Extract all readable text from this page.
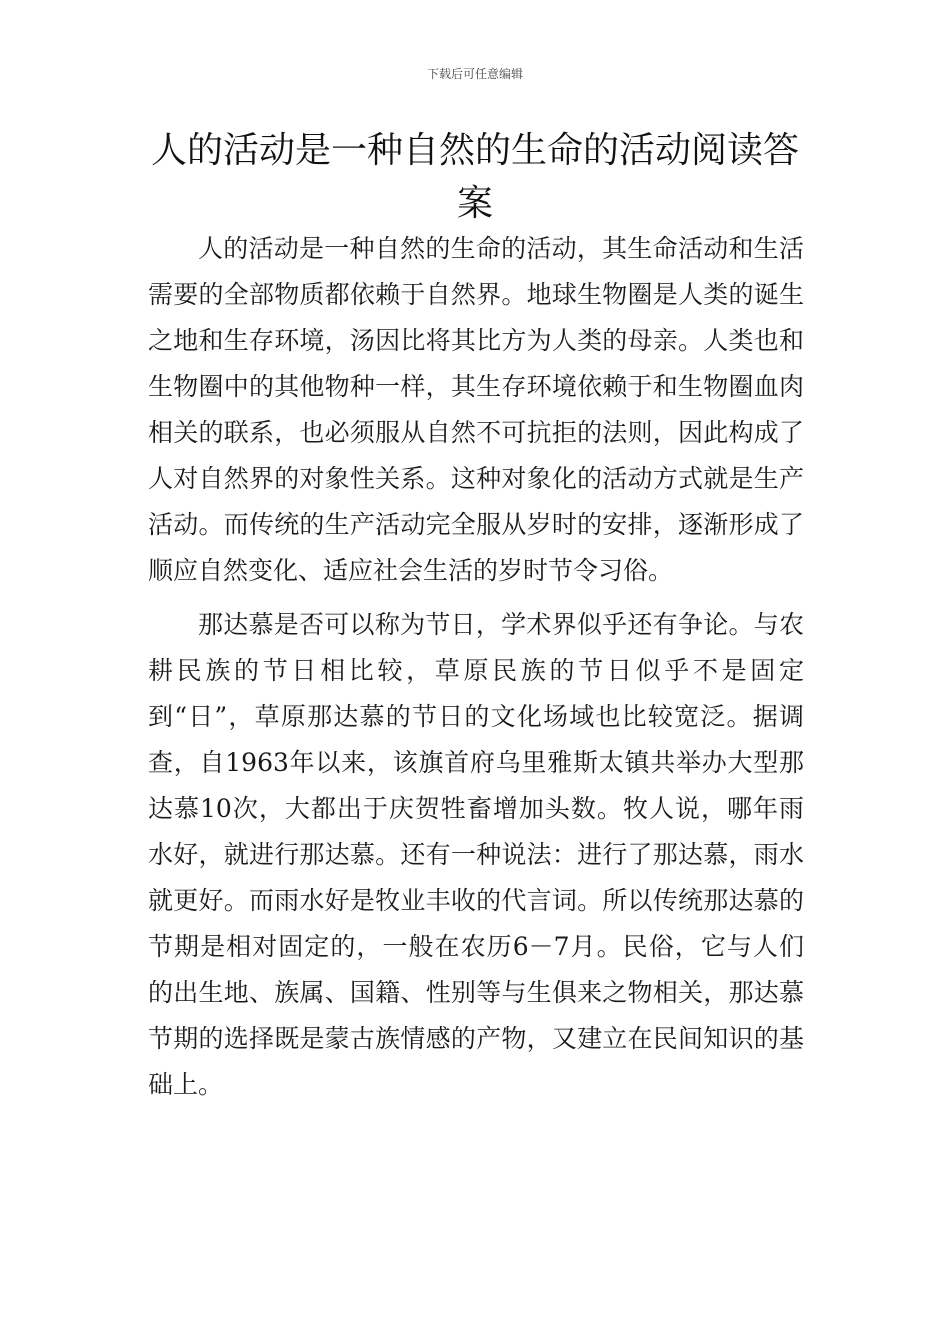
下载后可任意编辑
人的活动是一种自然的生命的活动阅读答案

人的活动是一种自然的生命的活动，其生命活动和生活需要的全部物质都依赖于自然界。地球生物圈是人类的诞生之地和生存环境，汤因比将其比方为人类的母亲。人类也和生物圈中的其他物种一样，其生存环境依赖于和生物圈血肉相关的联系，也必须服从自然不可抗拒的法则，因此构成了人对自然界的对象性关系。这种对象化的活动方式就是生产活动。而传统的生产活动完全服从岁时的安排，逐渐形成了顺应自然变化、适应社会生活的岁时节令习俗。

那达慕是否可以称为节日，学术界似乎还有争论。与农耕民族的节日相比较，草原民族的节日似乎不是固定到“日”，草原那达慕的节日的文化场域也比较宽泛。据调查，自1963年以来，该旗首府乌里雅斯太镇共举办大型那达慕10次，大都出于庆贺牲畜增加头数。牧人说，哪年雨水好，就进行那达慕。还有一种说法：进行了那达慕，雨水就更好。而雨水好是牧业丰收的代言词。所以传统那达慕的节期是相对固定的，一般在农历6－7月。民俗，它与人们的出生地、族属、国籍、性别等与生俱来之物相关，那达慕节期的选择既是蒙古族情感的产物，又建立在民间知识的基础上。
